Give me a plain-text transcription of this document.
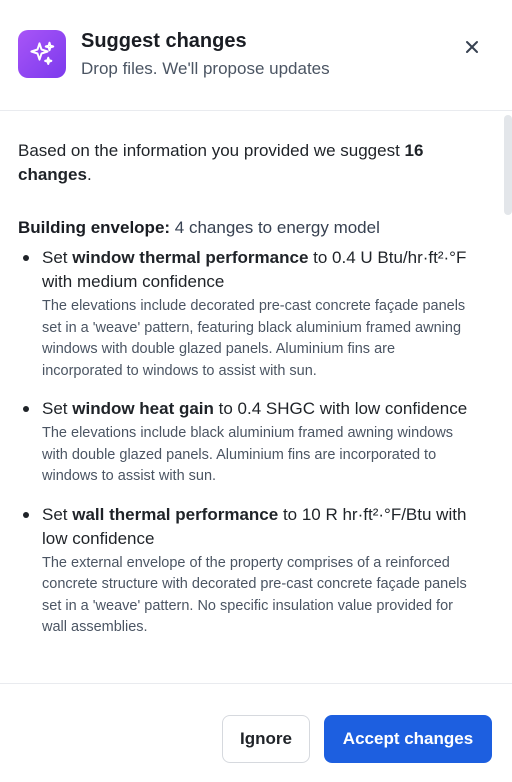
Suggest changes
Drop files. We'll propose updates

Based on the information you provided we suggest 16 changes.

Building envelope: 4 changes to energy model

Set window thermal performance to 0.4 U Btu/hr·ft²·°F with medium confidence
The elevations include decorated pre-cast concrete façade panels set in a 'weave' pattern, featuring black aluminium framed awning windows with double glazed panels. Aluminium fins are incorporated to windows to assist with sun.
Set window heat gain to 0.4 SHGC with low confidence
The elevations include black aluminium framed awning windows with double glazed panels. Aluminium fins are incorporated to windows to assist with sun.
Set wall thermal performance to 10 R hr·ft²·°F/Btu with low confidence
The external envelope of the property comprises of a reinforced concrete structure with decorated pre-cast concrete façade panels set in a 'weave' pattern. No specific insulation value provided for wall assemblies.
Ignore	Accept changes
